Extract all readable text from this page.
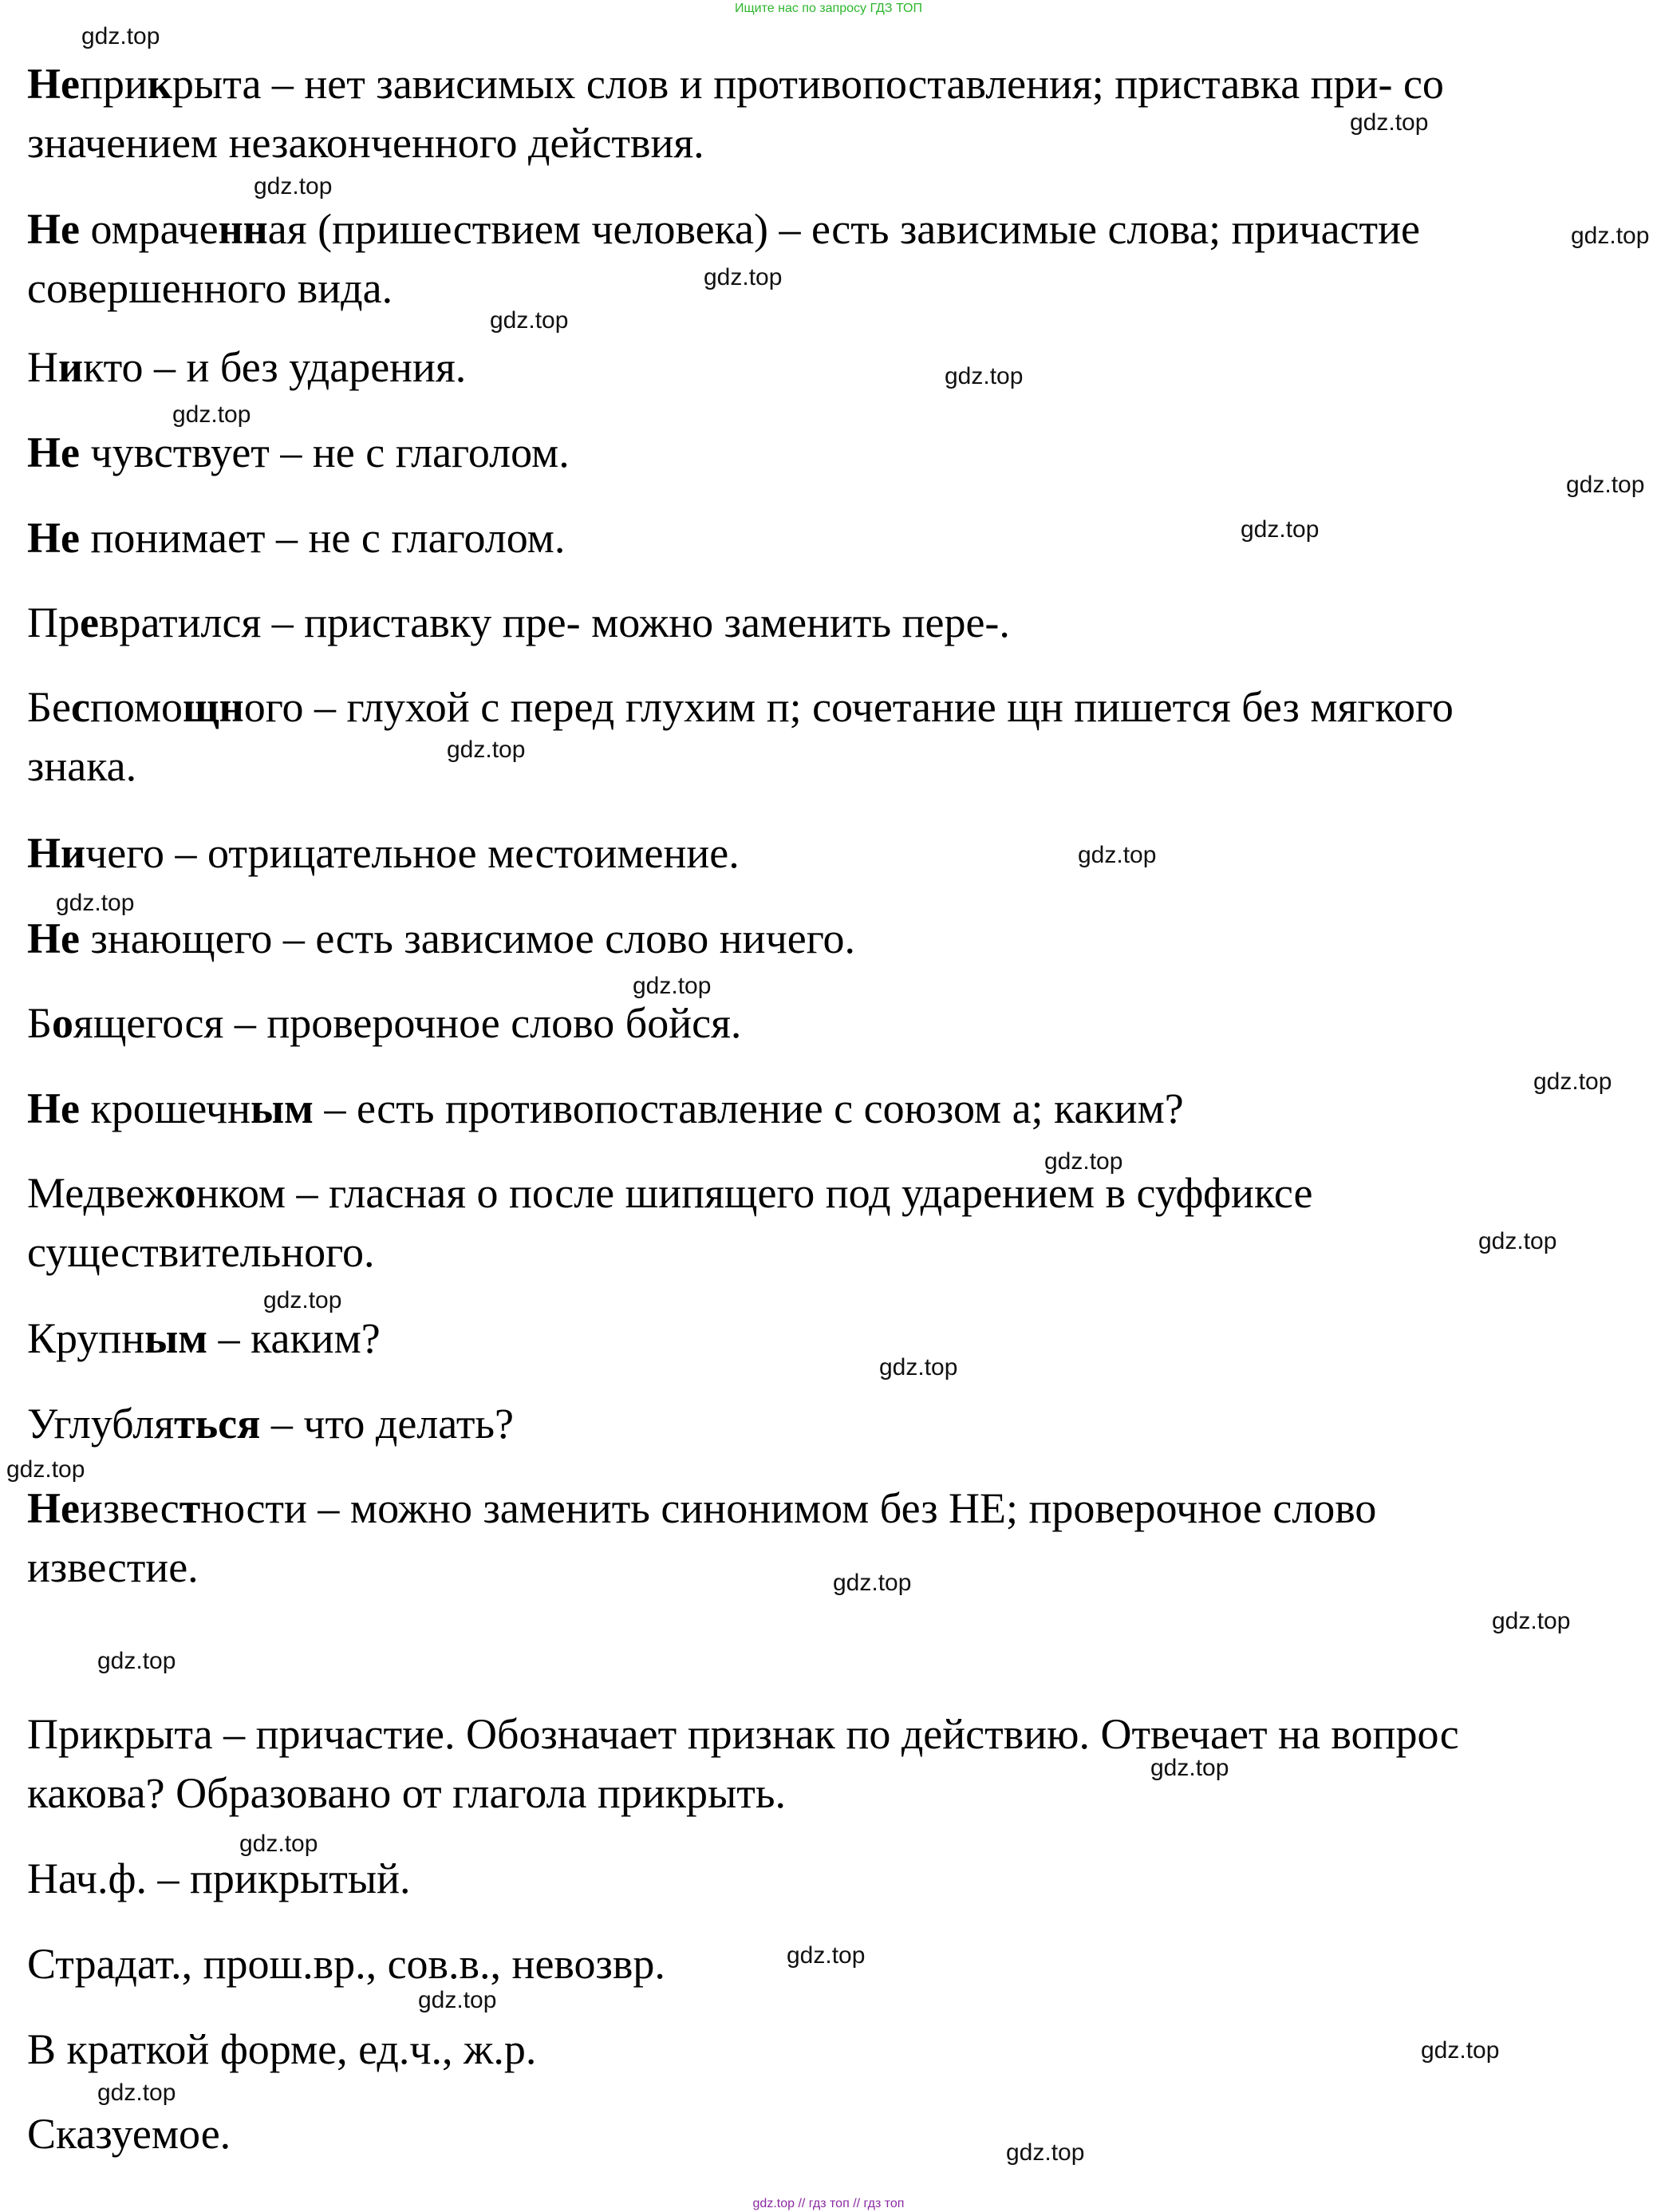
Ищите нас по запросу ГДЗ ТОП

Неприкрыта – нет зависимых слов и противопоставления; приставка при- со

значением незаконченного действия.

Не омраченная (пришествием человека) – есть зависимые слова; причастие

совершенного вида.

Никто – и без ударения.

Не чувствует – не с глаголом.

Не понимает – не с глаголом.

Превратился – приставку пре- можно заменить пере-.

Беспомощного – глухой с перед глухим п; сочетание щн пишется без мягкого

знака.

Ничего – отрицательное местоимение.

Не знающего – есть зависимое слово ничего.

Боящегося – проверочное слово бойся.

Не крошечным – есть противопоставление с союзом а; каким?

Медвежонком – гласная о после шипящего под ударением в суффиксе

существительного.

Крупным – каким?

Углубляться – что делать?

Неизвестности – можно заменить синонимом без НЕ; проверочное слово

известие.

Прикрыта – причастие. Обозначает признак по действию. Отвечает на вопрос

какова? Образовано от глагола прикрыть.

Нач.ф. – прикрытый.

Страдат., прош.вр., сов.в., невозвр.

В краткой форме, ед.ч., ж.р.

Сказуемое.

gdz.top // гдз топ // гдз топ
gdz.top
gdz.top
gdz.top
gdz.top
gdz.top
gdz.top
gdz.top
gdz.top
gdz.top
gdz.top
gdz.top
gdz.top
gdz.top
gdz.top
gdz.top
gdz.top
gdz.top
gdz.top
gdz.top
gdz.top
gdz.top
gdz.top
gdz.top
gdz.top
gdz.top
gdz.top
gdz.top
gdz.top
gdz.top
gdz.top
